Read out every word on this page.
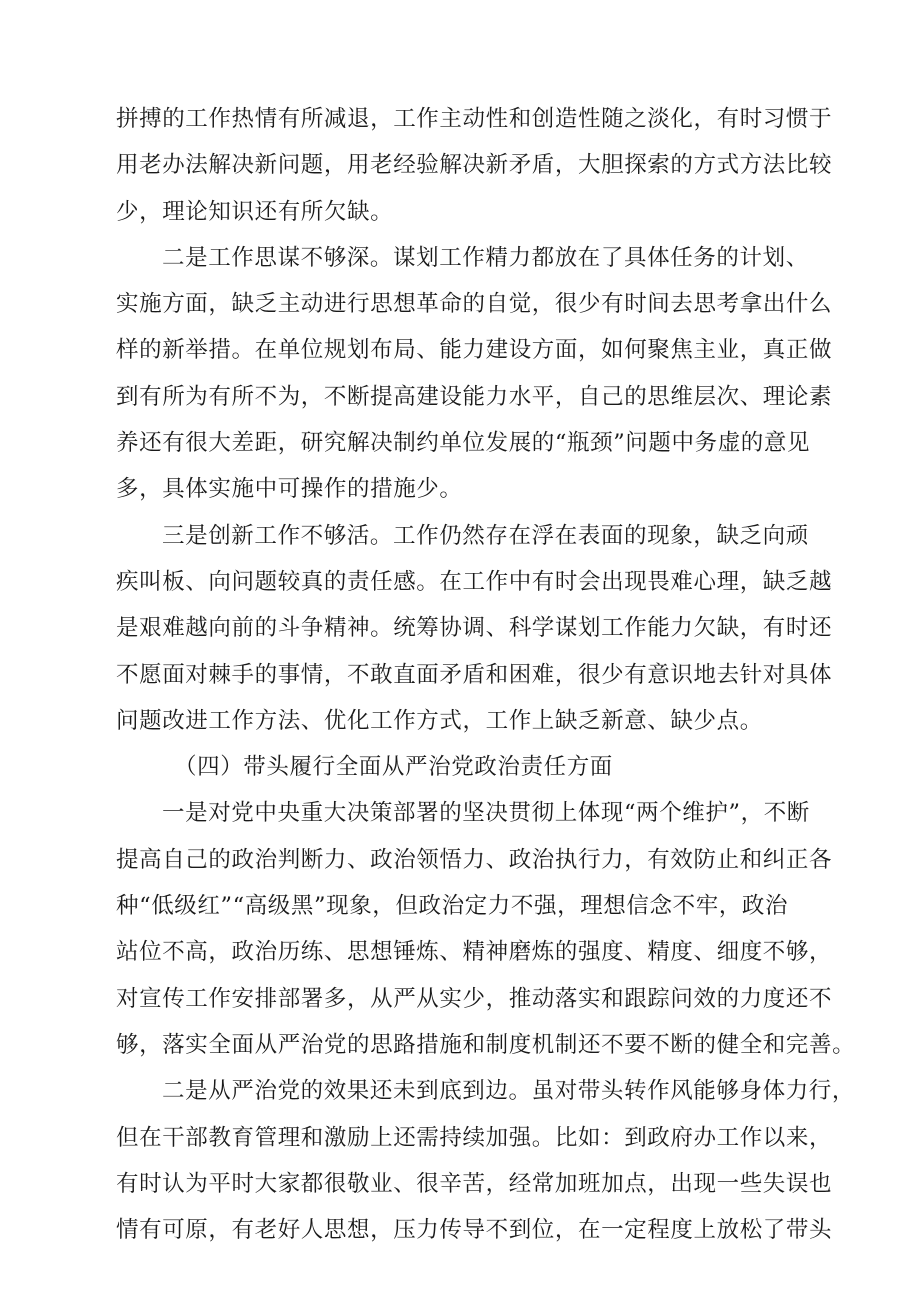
拼搏的工作热情有所减退，工作主动性和创造性随之淡化，有时习惯于
用老办法解决新问题，用老经验解决新矛盾，大胆探索的方式方法比较
少，理论知识还有所欠缺。
二是工作思谋不够深。谋划工作精力都放在了具体任务的计划、
实施方面，缺乏主动进行思想革命的自觉，很少有时间去思考拿出什么
样的新举措。在单位规划布局、能力建设方面，如何聚焦主业，真正做
到有所为有所不为，不断提高建设能力水平，自己的思维层次、理论素
养还有很大差距，研究解决制约单位发展的“瓶颈”问题中务虚的意见
多，具体实施中可操作的措施少。
三是创新工作不够活。工作仍然存在浮在表面的现象，缺乏向顽
疾叫板、向问题较真的责任感。在工作中有时会出现畏难心理，缺乏越
是艰难越向前的斗争精神。统筹协调、科学谋划工作能力欠缺，有时还
不愿面对棘手的事情，不敢直面矛盾和困难，很少有意识地去针对具体
问题改进工作方法、优化工作方式，工作上缺乏新意、缺少点。
（四）带头履行全面从严治党政治责任方面
一是对党中央重大决策部署的坚决贯彻上体现“两个维护”，不断
提高自己的政治判断力、政治领悟力、政治执行力，有效防止和纠正各
种“低级红”“高级黑”现象，但政治定力不强，理想信念不牢，政治
站位不高，政治历练、思想锤炼、精神磨炼的强度、精度、细度不够，
对宣传工作安排部署多，从严从实少，推动落实和跟踪问效的力度还不
够，落实全面从严治党的思路措施和制度机制还不要不断的健全和完善。
二是从严治党的效果还未到底到边。虽对带头转作风能够身体力行，
但在干部教育管理和激励上还需持续加强。比如：到政府办工作以来，
有时认为平时大家都很敬业、很辛苦，经常加班加点，出现一些失误也
情有可原，有老好人思想，压力传导不到位，在一定程度上放松了带头
